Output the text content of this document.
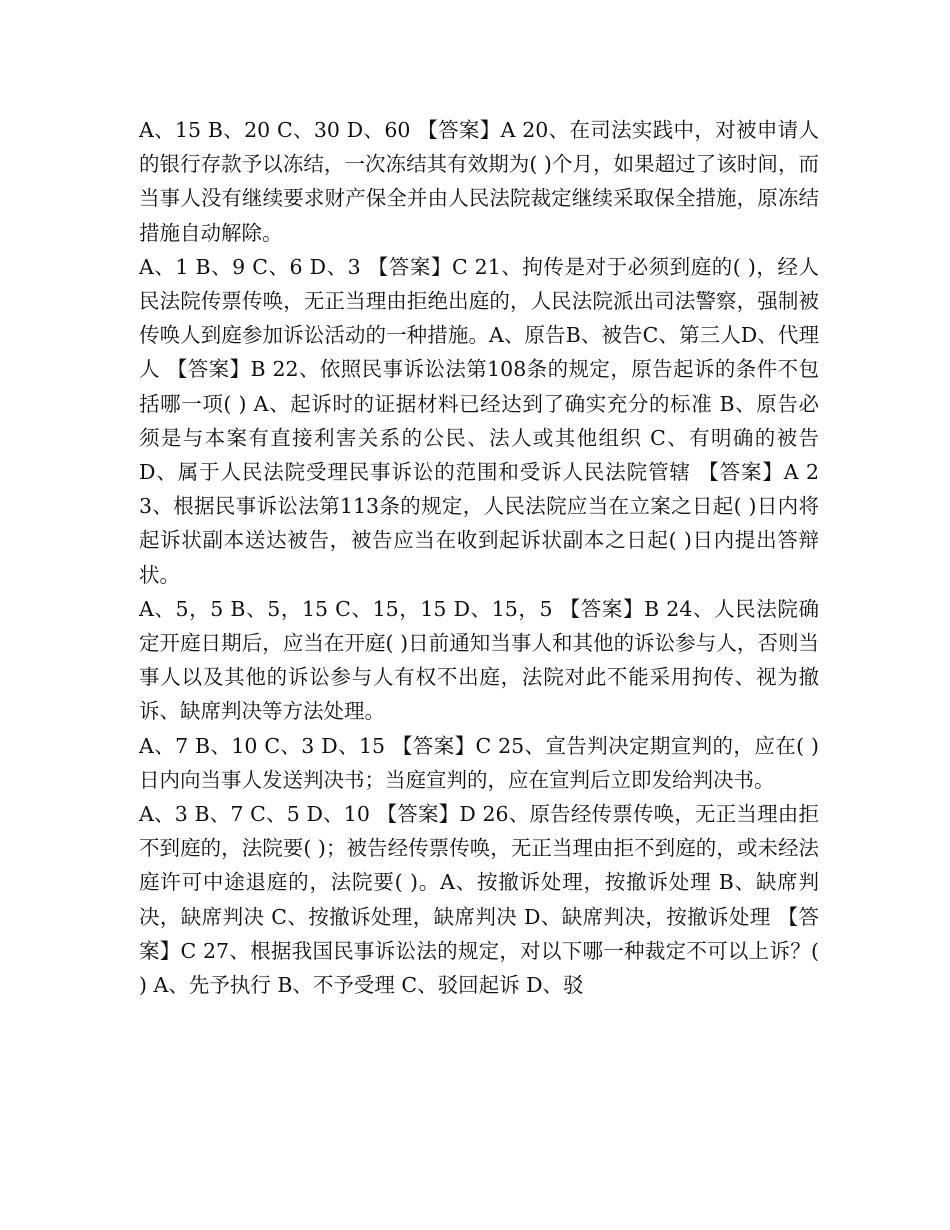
A、15 B、20 C、30 D、60 【答案】A 20、在司法实践中，对被申请人的银行存款予以冻结，一次冻结其有效期为( )个月，如果超过了该时间，而当事人没有继续要求财产保全并由人民法院裁定继续采取保全措施，原冻结措施自动解除。

A、1 B、9 C、6 D、3 【答案】C 21、拘传是对于必须到庭的( )，经人民法院传票传唤，无正当理由拒绝出庭的，人民法院派出司法警察，强制被传唤人到庭参加诉讼活动的一种措施。A、原告B、被告C、第三人D、代理人 【答案】B 22、依照民事诉讼法第108条的规定，原告起诉的条件不包括哪一项( ) A、起诉时的证据材料已经达到了确实充分的标准 B、原告必须是与本案有直接利害关系的公民、法人或其他组织 C、有明确的被告 D、属于人民法院受理民事诉讼的范围和受诉人民法院管辖 【答案】A 23、根据民事诉讼法第113条的规定，人民法院应当在立案之日起( )日内将起诉状副本送达被告，被告应当在收到起诉状副本之日起( )日内提出答辩状。

A、5，5 B、5，15 C、15，15 D、15，5 【答案】B 24、人民法院确定开庭日期后，应当在开庭( )日前通知当事人和其他的诉讼参与人，否则当事人以及其他的诉讼参与人有权不出庭，法院对此不能采用拘传、视为撤诉、缺席判决等方法处理。

A、7 B、10 C、3 D、15 【答案】C 25、宣告判决定期宣判的，应在( )日内向当事人发送判决书；当庭宣判的，应在宣判后立即发给判决书。

A、3 B、7 C、5 D、10 【答案】D 26、原告经传票传唤，无正当理由拒不到庭的，法院要( )；被告经传票传唤，无正当理由拒不到庭的，或未经法庭许可中途退庭的，法院要( )。A、按撤诉处理，按撤诉处理 B、缺席判决，缺席判决 C、按撤诉处理，缺席判决 D、缺席判决，按撤诉处理 【答案】C 27、根据我国民事诉讼法的规定，对以下哪一种裁定不可以上诉？( ) A、先予执行 B、不予受理 C、驳回起诉 D、驳
